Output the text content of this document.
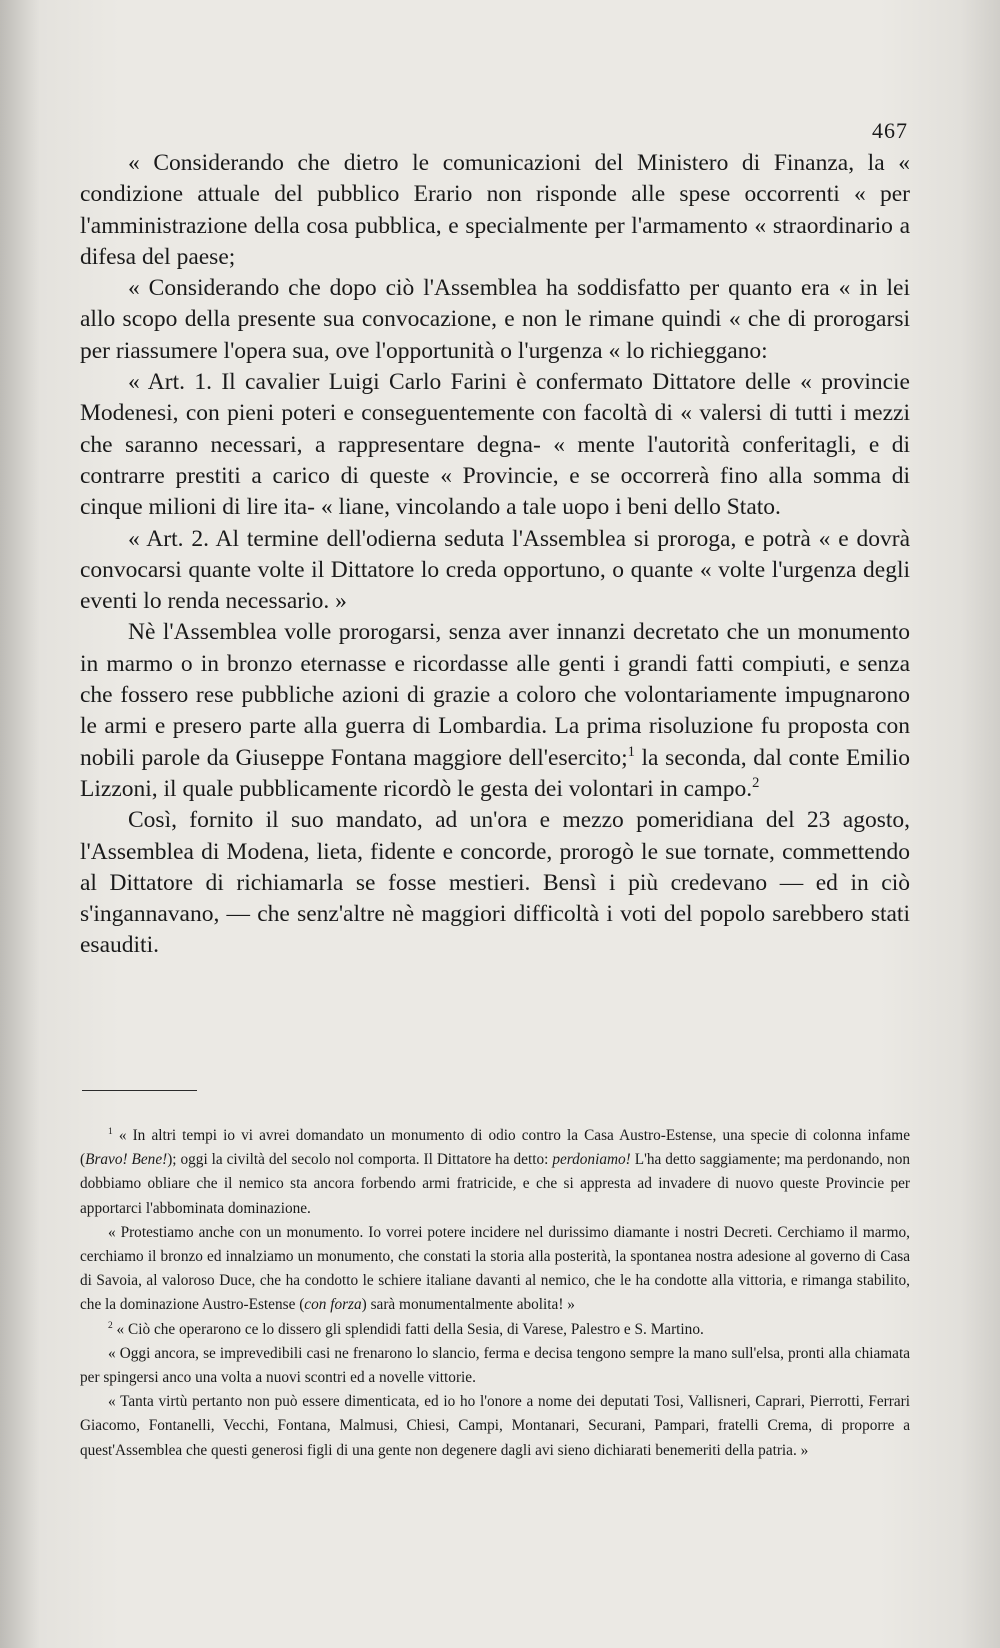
467

« Considerando che dietro le comunicazioni del Ministero di Finanza, la « condizione attuale del pubblico Erario non risponde alle spese occorrenti « per l'amministrazione della cosa pubblica, e specialmente per l'armamento « straordinario a difesa del paese;

« Considerando che dopo ciò l'Assemblea ha soddisfatto per quanto era « in lei allo scopo della presente sua convocazione, e non le rimane quindi « che di prorogarsi per riassumere l'opera sua, ove l'opportunità o l'urgenza « lo richieggano:

« Art. 1. Il cavalier Luigi Carlo Farini è confermato Dittatore delle « provincie Modenesi, con pieni poteri e conseguentemente con facoltà di « valersi di tutti i mezzi che saranno necessari, a rappresentare degna- « mente l'autorità conferitagli, e di contrarre prestiti a carico di queste « Provincie, e se occorrerà fino alla somma di cinque milioni di lire ita- « liane, vincolando a tale uopo i beni dello Stato.

« Art. 2. Al termine dell'odierna seduta l'Assemblea si proroga, e potrà « e dovrà convocarsi quante volte il Dittatore lo creda opportuno, o quante « volte l'urgenza degli eventi lo renda necessario. »

Nè l'Assemblea volle prorogarsi, senza aver innanzi decretato che un monumento in marmo o in bronzo eternasse e ricordasse alle genti i grandi fatti compiuti, e senza che fossero rese pubbliche azioni di grazie a coloro che volontariamente impugnarono le armi e presero parte alla guerra di Lombardia. La prima risoluzione fu proposta con nobili parole da Giuseppe Fontana maggiore dell'esercito;$^1$ la seconda, dal conte Emilio Lizzoni, il quale pubblicamente ricordò le gesta dei volontari in campo.$^2$

Così, fornito il suo mandato, ad un'ora e mezzo pomeridiana del 23 agosto, l'Assemblea di Modena, lieta, fidente e concorde, prorogò le sue tornate, commettendo al Dittatore di richiamarla se fosse mestieri. Bensì i più credevano — ed in ciò s'ingannavano, — che senz'altre nè maggiori difficoltà i voti del popolo sarebbero stati esauditi.

$^1$ « In altri tempi io vi avrei domandato un monumento di odio contro la Casa Austro-Estense, una specie di colonna infame (Bravo! Bene!); oggi la civiltà del secolo nol comporta. Il Dittatore ha detto: perdoniamo! L'ha detto saggiamente; ma perdonando, non dobbiamo obliare che il nemico sta ancora forbendo armi fratricide, e che si appresta ad invadere di nuovo queste Provincie per apportarci l'abbominata dominazione.

« Protestiamo anche con un monumento. Io vorrei potere incidere nel durissimo diamante i nostri Decreti. Cerchiamo il marmo, cerchiamo il bronzo ed innalziamo un monumento, che constati la storia alla posterità, la spontanea nostra adesione al governo di Casa di Savoia, al valoroso Duce, che ha condotto le schiere italiane davanti al nemico, che le ha condotte alla vittoria, e rimanga stabilito, che la dominazione Austro-Estense (con forza) sarà monumentalmente abolita! »

$^2$ « Ciò che operarono ce lo dissero gli splendidi fatti della Sesia, di Varese, Palestro e S. Martino.

« Oggi ancora, se imprevedibili casi ne frenarono lo slancio, ferma e decisa tengono sempre la mano sull'elsa, pronti alla chiamata per spingersi anco una volta a nuovi scontri ed a novelle vittorie.

« Tanta virtù pertanto non può essere dimenticata, ed io ho l'onore a nome dei deputati Tosi, Vallisneri, Caprari, Pierrotti, Ferrari Giacomo, Fontanelli, Vecchi, Fontana, Malmusi, Chiesi, Campi, Montanari, Securani, Pampari, fratelli Crema, di proporre a quest'Assemblea che questi generosi figli di una gente non degenere dagli avi sieno dichiarati benemeriti della patria. »
